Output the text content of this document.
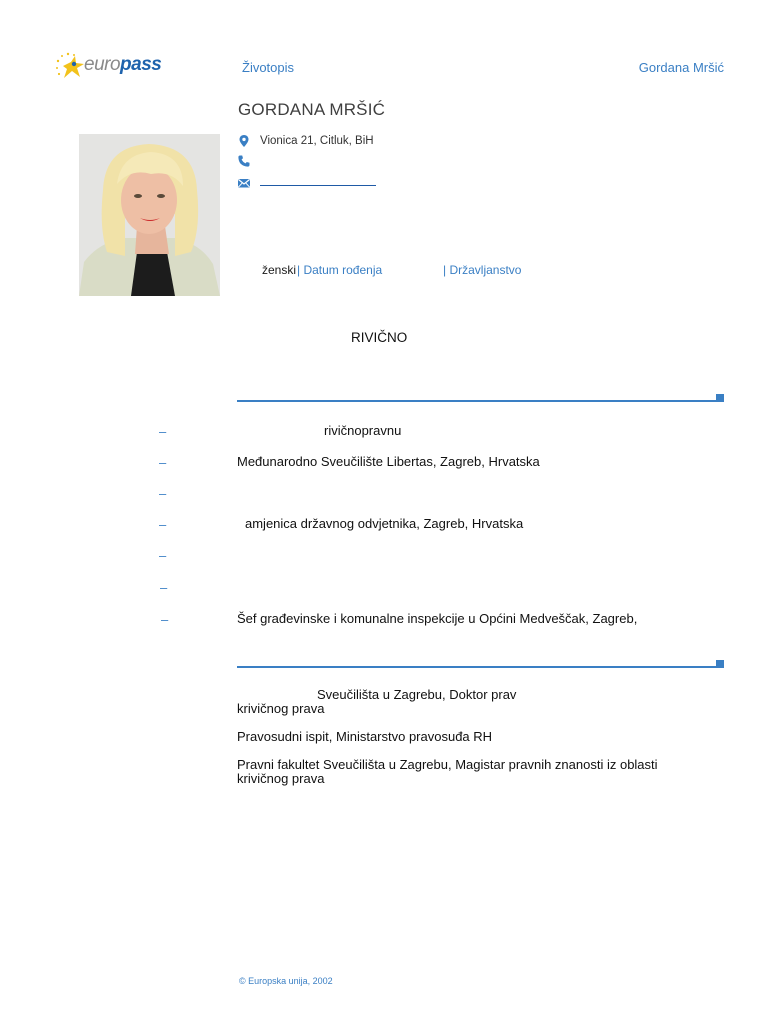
europass	Životopis	Gordana Mršić
GORDANA MRŠIĆ
Vionica 21, Citluk, BiH
ženski | Datum rođenja	| Državljanstvo
RIVIČNO
–	rivičnopravnu
–	Međunarodno Sveučilište Libertas, Zagreb, Hrvatska
–
–	amjenica državnog odvjetnika, Zagreb, Hrvatska
–
–
–	Šef građevinske i komunalne inspekcije u Općini Medveščak, Zagreb,
Sveučilišta u Zagrebu, Doktor prav
krivičnog prava
Pravosudni ispit, Ministarstvo pravosuđa RH
Pravni fakultet Sveučilišta u Zagrebu, Magistar pravnih znanosti iz oblasti
krivičnog prava
© Europska unija, 2002
